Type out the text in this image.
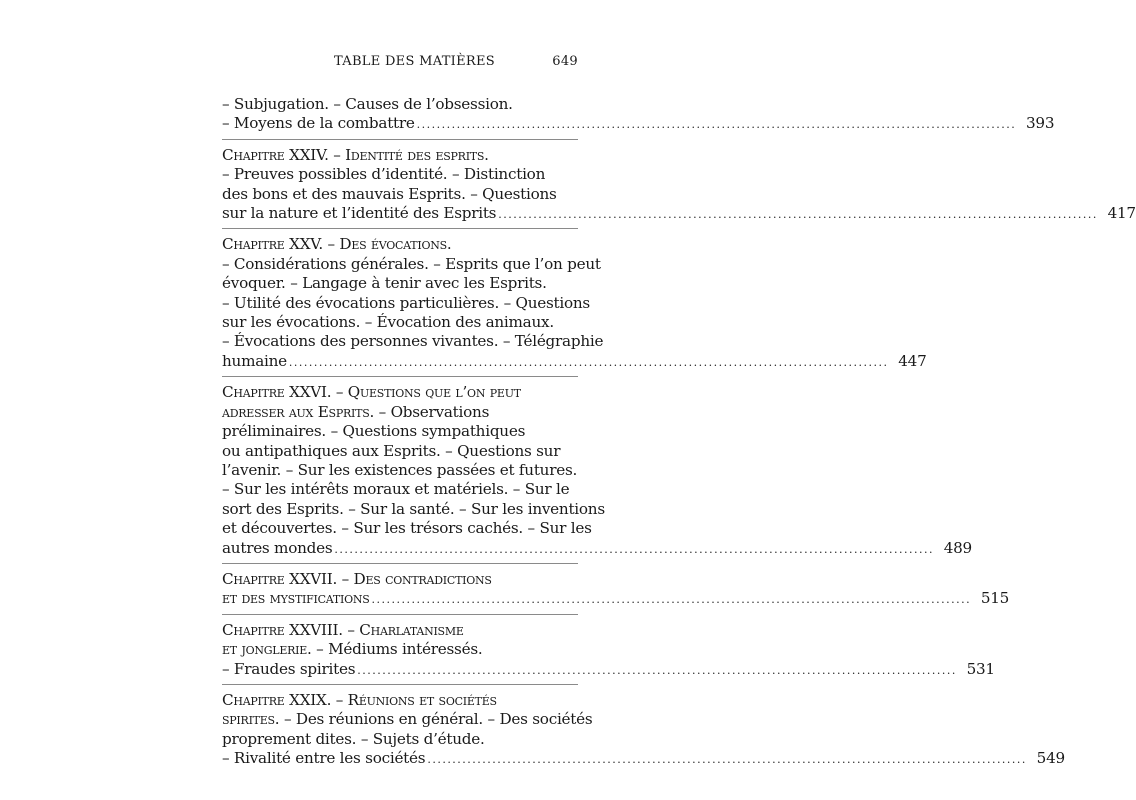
TABLE DES MATIÈRES	649
– Subjugation. – Causes de l’obsession.
– Moyens de la combattre ........................................................................................................................ 393
Chapitre XXIV. – Identité des esprits.
– Preuves possibles d’identité. – Distinction
des bons et des mauvais Esprits. – Questions
sur la nature et l’identité des Esprits ........................................................................................................................ 417
Chapitre XXV. – Des évocations.
– Considérations générales. – Esprits que l’on peut
évoquer. – Langage à tenir avec les Esprits.
– Utilité des évocations particulières. – Questions
sur les évocations. – Évocation des animaux.
– Évocations des personnes vivantes. – Télégraphie
humaine ........................................................................................................................ 447
Chapitre XXVI. – Questions que l’on peut
adresser aux Esprits. – Observations
préliminaires. – Questions sympathiques
ou antipathiques aux Esprits. – Questions sur
l’avenir. – Sur les existences passées et futures.
– Sur les intérêts moraux et matériels. – Sur le
sort des Esprits. – Sur la santé. – Sur les inventions
et découvertes. – Sur les trésors cachés. – Sur les
autres mondes ........................................................................................................................ 489
Chapitre XXVII. – Des contradictions
et des mystifications ........................................................................................................................ 515
Chapitre XXVIII. – Charlatanisme
et jonglerie. – Médiums intéressés.
– Fraudes spirites ........................................................................................................................ 531
Chapitre XXIX. – Réunions et sociétés
spirites. – Des réunions en général. – Des sociétés
proprement dites. – Sujets d’étude.
– Rivalité entre les sociétés ........................................................................................................................ 549
